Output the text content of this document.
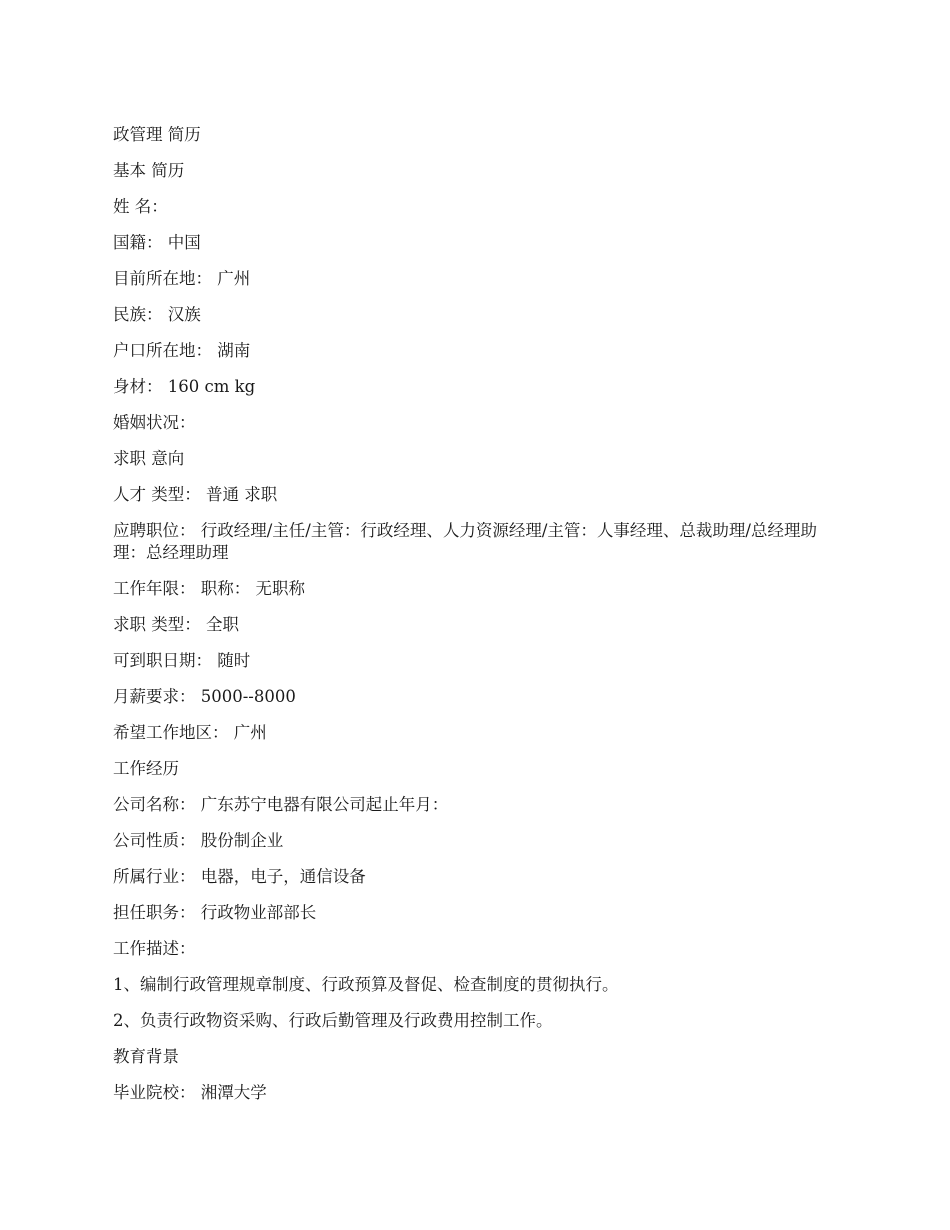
政管理 简历
基本 简历
姓 名：
国籍： 中国
目前所在地： 广州
民族： 汉族
户口所在地： 湖南
身材： 160 cm kg
婚姻状况：
求职 意向
人才 类型： 普通 求职
应聘职位： 行政经理/主任/主管：行政经理、人力资源经理/主管：人事经理、总裁助理/总经理助理：总经理助理
工作年限： 职称： 无职称
求职 类型： 全职
可到职日期： 随时
月薪要求： 5000--8000
希望工作地区： 广州
工作经历
公司名称： 广东苏宁电器有限公司起止年月：
公司性质： 股份制企业
所属行业： 电器，电子，通信设备
担任职务： 行政物业部部长
工作描述：
1、编制行政管理规章制度、行政预算及督促、检查制度的贯彻执行。
2、负责行政物资采购、行政后勤管理及行政费用控制工作。
教育背景
毕业院校： 湘潭大学
